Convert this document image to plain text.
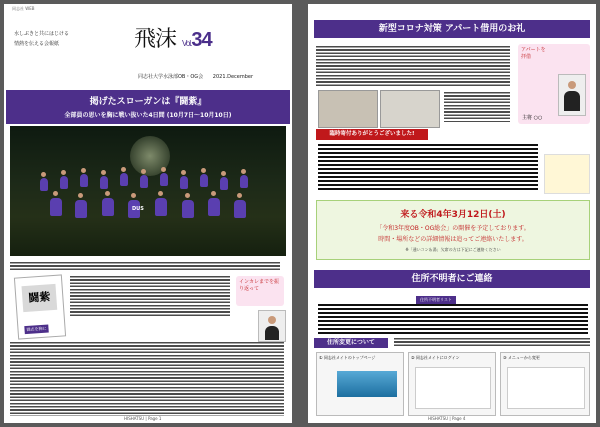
同志社 WEB
水しぶきと共にはじける
情熱を伝える会報紙	飛沫 Vol.34
同志社大学水泳部OB・OG会 2021.December
掲げたスローガンは『闘紫』
全部員の思いを胸に戦い抜いた4日間 (10月7日〜10月10日)
DUS
闘紫
闘志を胸に
インカレまでを振り返って
HISHATSU | Page 1
新型コロナ対策 アパート借用のお礼
アパートを拝借
主将 ○○
臨時寄付ありがとうございました!
来る令和4年3月12日(土)
「令和3年度OB・OG総会」の開催を予定しております。
時間・場所などの詳細情報は追ってご連絡いたします。
※「通いコン＆湯」欠席の方は下記にご連絡ください
住所不明者にご連絡
住所不明者リスト
住所変更について
① 同志社メイトのトップページ	② 同志社メイトにログイン	③ メニューから変更
HISHATSU | Page 4
